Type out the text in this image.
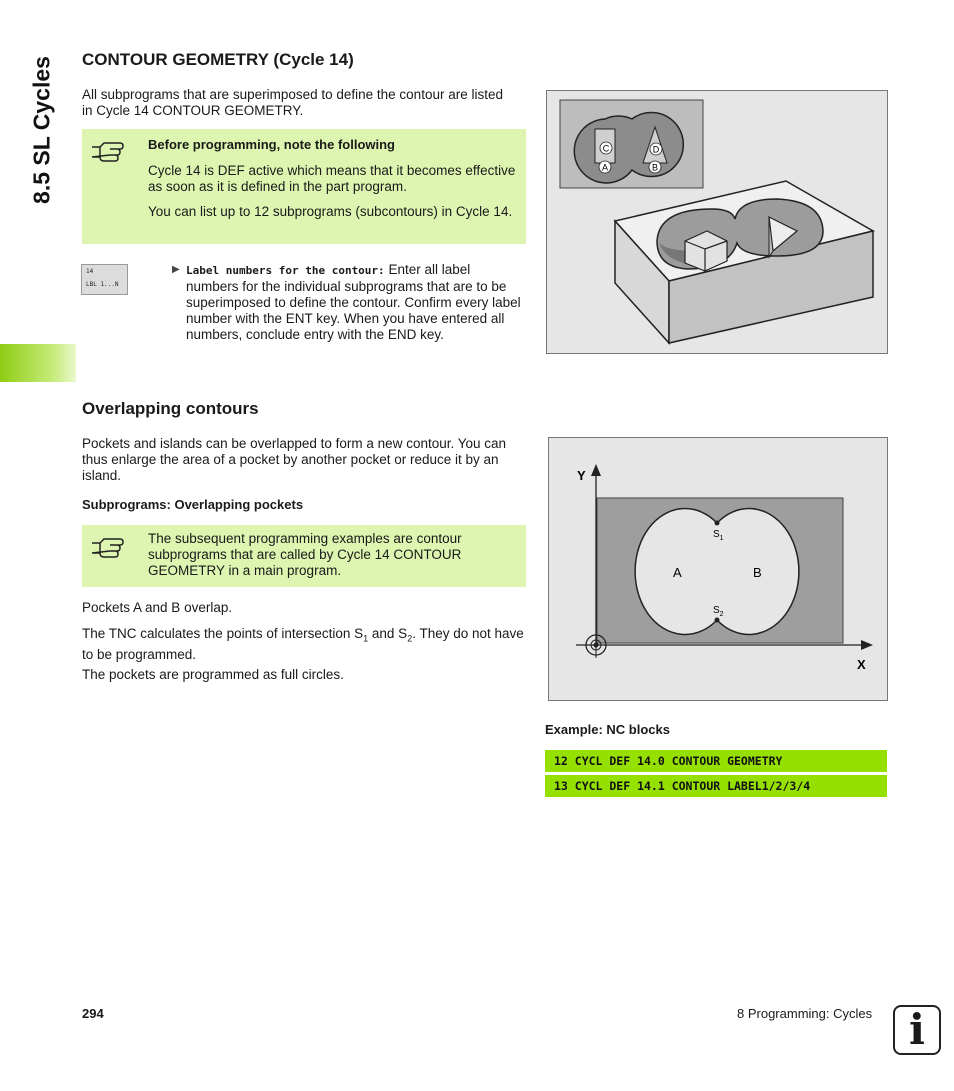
8.5 SL Cycles CONTOUR GEOMETRY (Cycle 14)

All subprograms that are superimposed to define the contour are listed in Cycle 14 CONTOUR GEOMETRY.

Before programming, note the following

Cycle 14 is DEF active which means that it becomes effective as soon as it is defined in the part program.

You can list up to 12 subprograms (subcontours) in Cycle 14.

14
LBL 1...N
▶ Label numbers for the contour: Enter all label numbers for the individual subprograms that are to be superimposed to define the contour. Confirm every label number with the ENT key. When you have entered all numbers, conclude entry with the END key.

C	D
A	B
Overlapping contours

Pockets and islands can be overlapped to form a new contour. You can thus enlarge the area of a pocket by another pocket or reduce it by an island.

Subprograms: Overlapping pockets

The subsequent programming examples are contour subprograms that are called by Cycle 14 CONTOUR GEOMETRY in a main program.

Pockets A and B overlap.

The TNC calculates the points of intersection $S_1$ and $S_2$. They do not have to be programmed.

The pockets are programmed as full circles.

Y
X
A	B
$S_1$
$S_2$

Example: NC blocks

12 CYCL DEF 14.0 CONTOUR GEOMETRY
13 CYCL DEF 14.1 CONTOUR LABEL1/2/3/4
294	8 Programming: Cycles i
